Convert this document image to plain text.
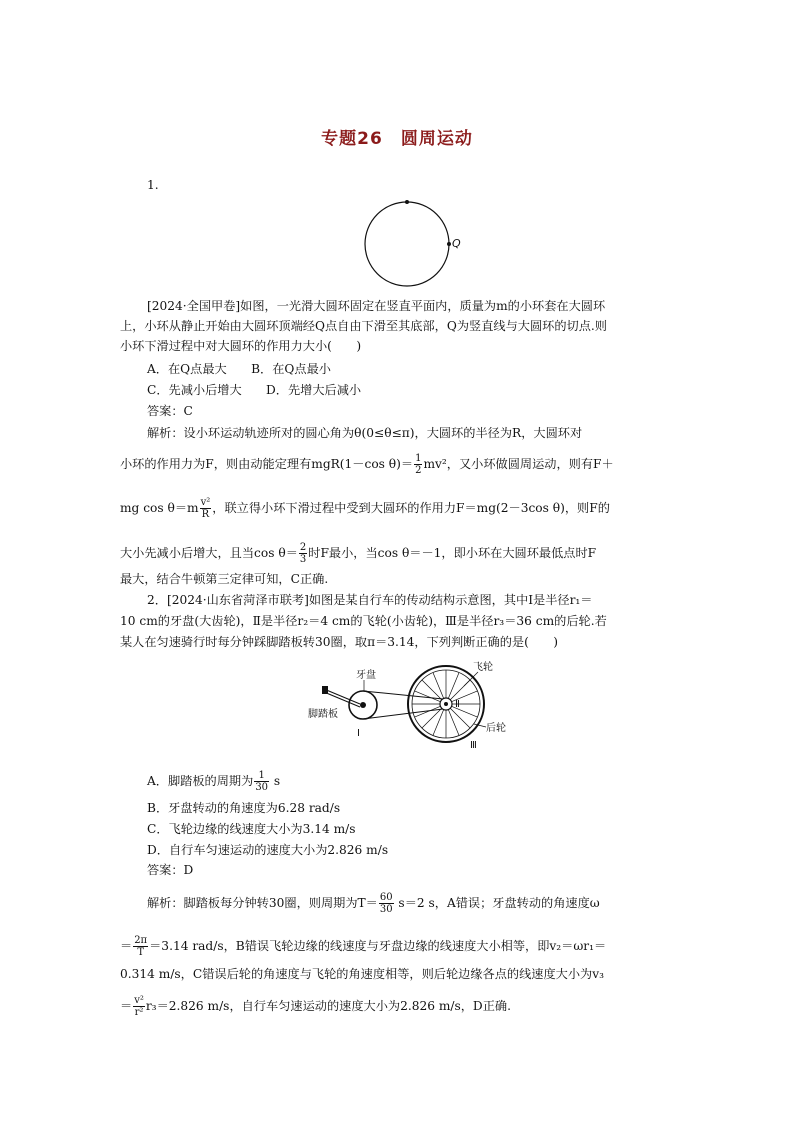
专题26 圆周运动
1.
Q
[2024·全国甲卷]如图，一光滑大圆环固定在竖直平面内，质量为m的小环套在大圆环
上，小环从静止开始由大圆环顶端经Q点自由下滑至其底部，Q为竖直线与大圆环的切点.则
小环下滑过程中对大圆环的作用力大小(　　)
A．在Q点最大　　B．在Q点最小
C．先减小后增大　　D．先增大后减小
答案：C
解析：设小环运动轨迹所对的圆心角为θ(0≤θ≤π)，大圆环的半径为R，大圆环对
小环的作用力为F，则由动能定理有mgR(1－cos $\theta)= \frac{1}{2} mv^2$，又小环做圆周运动，则有F＋
mg $\cos \theta=m \frac{\text{v²}}{R}$ ，联立得小环下滑过程中受到大圆环的作用力F＝mg(2－3cos θ)，则F的
大小先减小后增大，且当$\cos \theta= \frac{2}{3}$ 时F最小，当cos θ＝－1，即小环在大圆环最低点时F
最大，结合牛顿第三定律可知，C正确.
2．[2024·山东省菏泽市联考]如图是某自行车的传动结构示意图，其中Ⅰ是半径r₁＝
10 cm的牙盘(大齿轮)，Ⅱ是半径r₂＝4 cm的飞轮(小齿轮)，Ⅲ是半径r₃＝36 cm的后轮.若
某人在匀速骑行时每分钟踩脚踏板转30圈，取π＝3.14，下列判断正确的是(　　)
脚踏板
牙盘
Ⅰ
飞轮
Ⅱ
后轮
Ⅲ
A．脚踏板的周期为 $\frac{1}{30}$ s
B．牙盘转动的角速度为6.28 rad/s
C．飞轮边缘的线速度大小为3.14 m/s
D．自行车匀速运动的速度大小为2.826 m/s
答案：D
解析：脚踏板每分钟转30圈，则周期为$T= \frac{60}{30} s=2$ s，A错误；牙盘转动的角速度ω
＝ $\frac{2\pi}{T} =3.14$ rad/s，B错误飞轮边缘的线速度与牙盘边缘的线速度大小相等，即v₂＝ωr₁＝
0.314 m/s，C错误后轮的角速度与飞轮的角速度相等，则后轮边缘各点的线速度大小为v₃
＝ $\frac{\text{v²}}{\text{r²}} r_3=2.826$ m/s，自行车匀速运动的速度大小为2.826 m/s，D正确.
